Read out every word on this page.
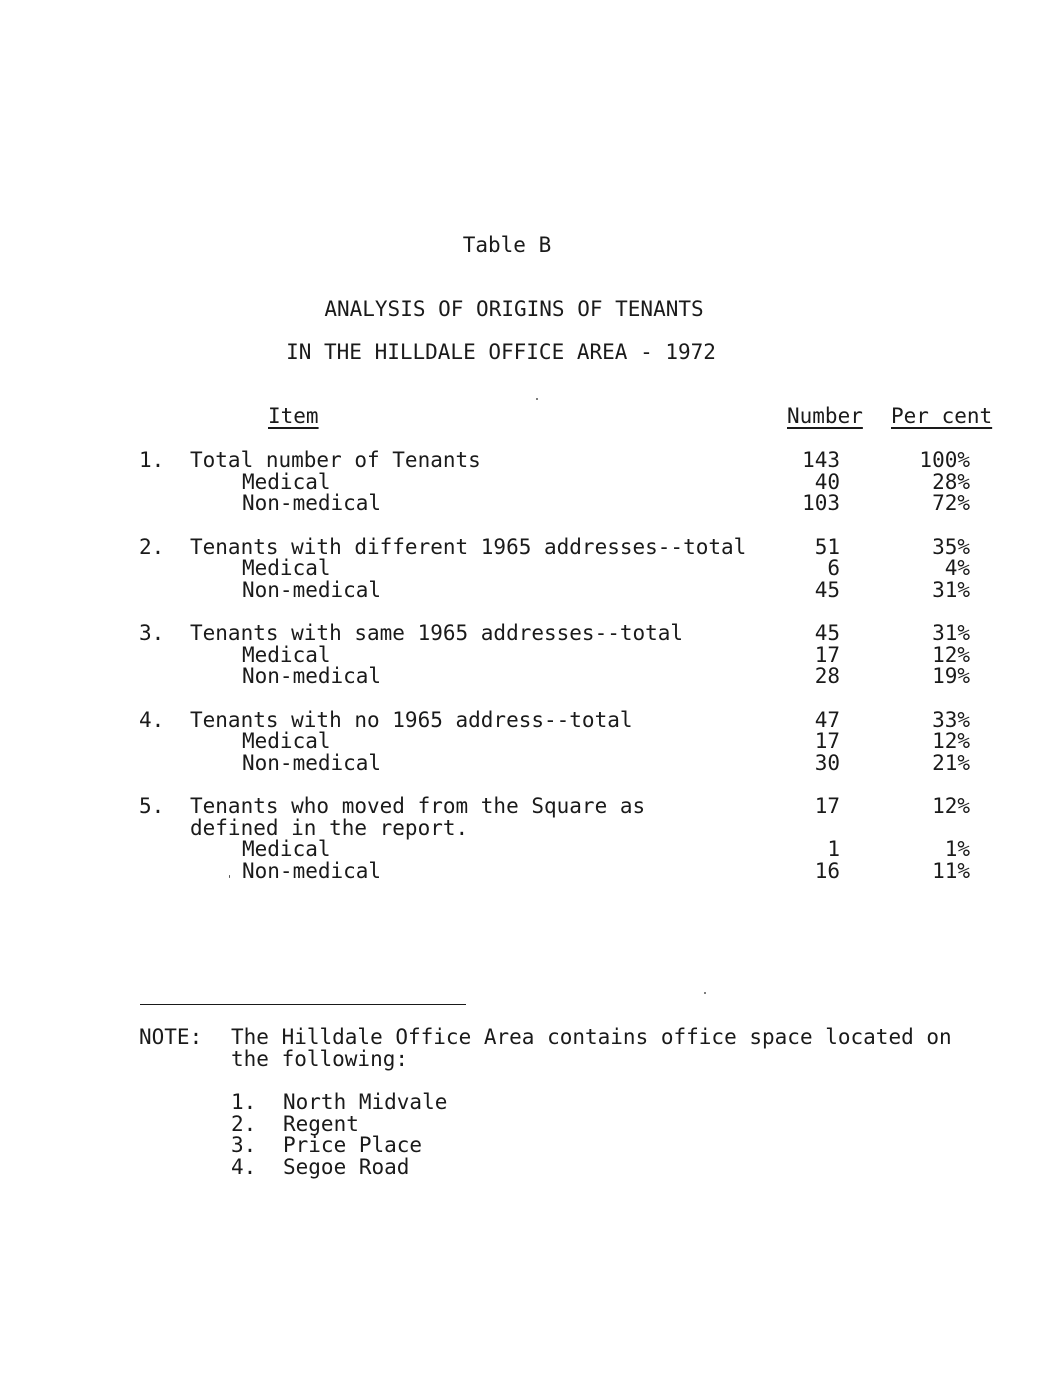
Table B
ANALYSIS OF ORIGINS OF TENANTS
IN THE HILLDALE OFFICE AREA - 1972
Item	Number Per cent
1. Total number of Tenants	143	100%
Medical	40	28%
Non-medical	103	72%
2. Tenants with different 1965 addresses--total	51	35%
Medical	6	4%
Non-medical	45	31%
3. Tenants with same 1965 addresses--total	45	31%
Medical	17	12%
Non-medical	28	19%
4. Tenants with no 1965 address--total	47	33%
Medical	17	12%
Non-medical	30	21%
5. Tenants who moved from the Square as
defined in the report.
17	12%
Medical	1	1%
Non-medical	16	11%
NOTE: The Hilldale Office Area contains office space located on
the following:
1. North Midvale
2. Regent
3. Price Place
4. Segoe Road
